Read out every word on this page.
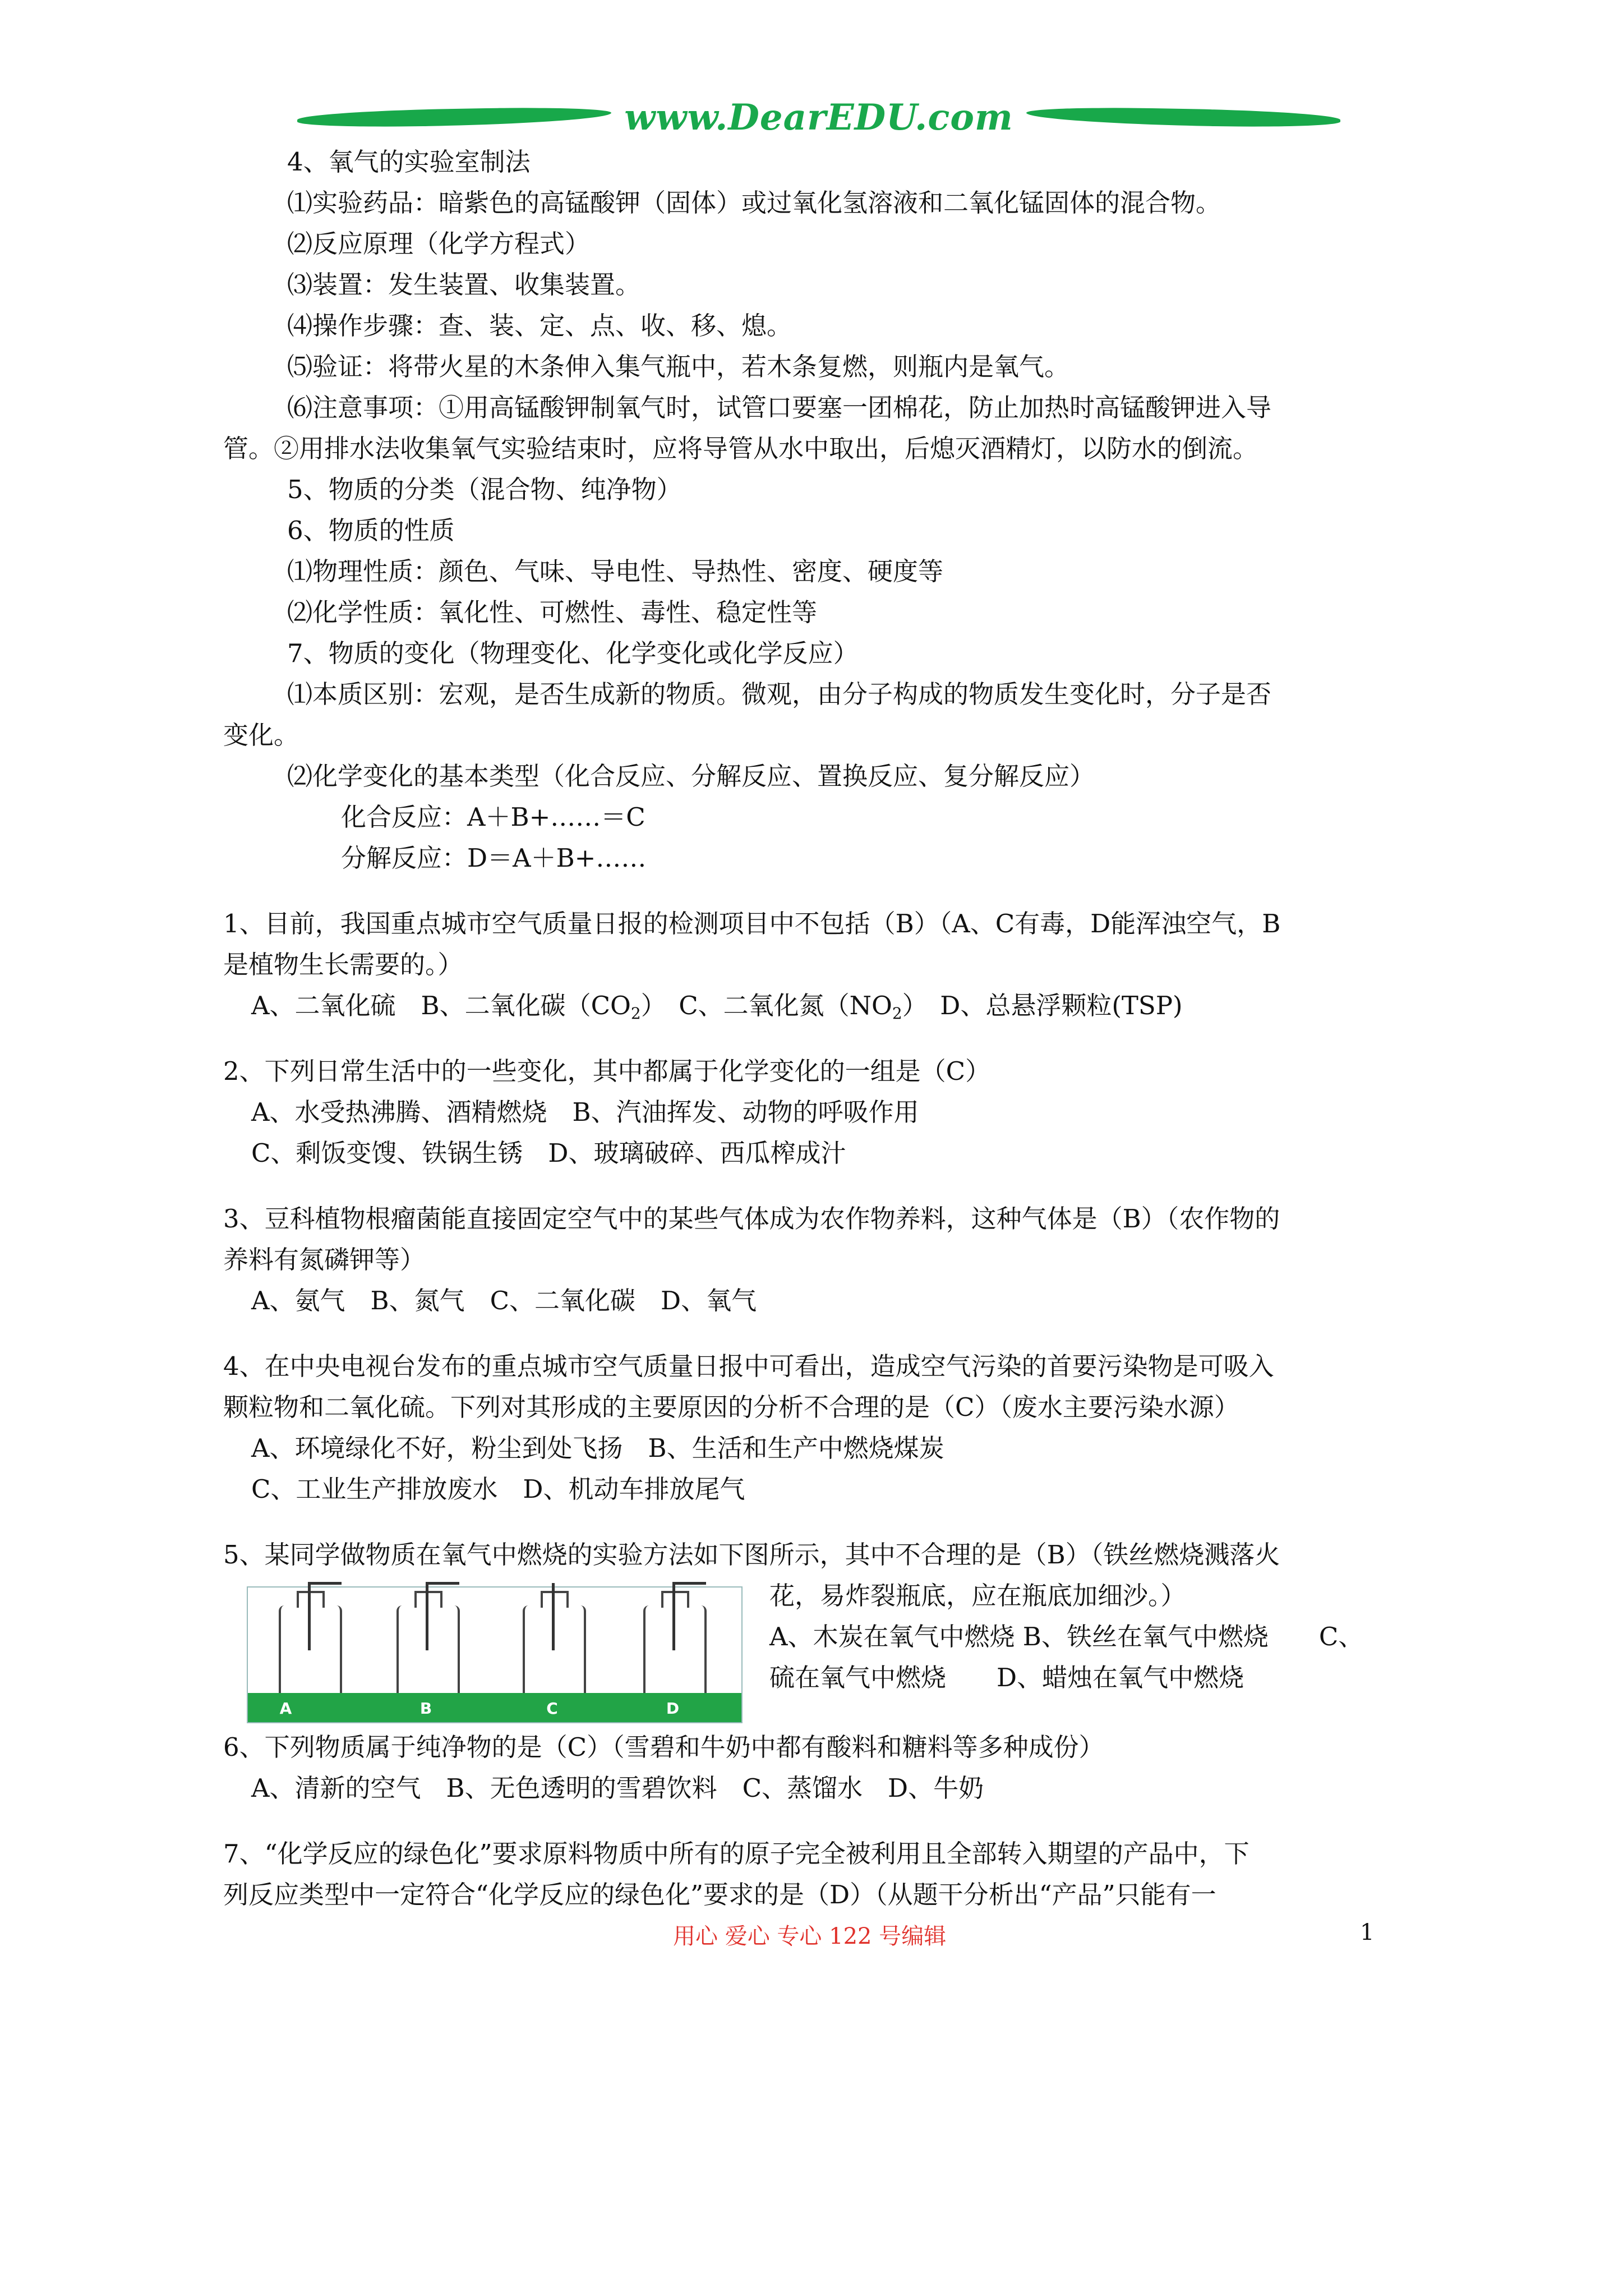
www.DearEDU.com
4、氧气的实验室制法
⑴实验药品：暗紫色的高锰酸钾（固体）或过氧化氢溶液和二氧化锰固体的混合物。
⑵反应原理（化学方程式）
⑶装置：发生装置、收集装置。
⑷操作步骤：查、装、定、点、收、移、熄。
⑸验证：将带火星的木条伸入集气瓶中，若木条复燃，则瓶内是氧气。
⑹注意事项：①用高锰酸钾制氧气时，试管口要塞一团棉花，防止加热时高锰酸钾进入导
管。②用排水法收集氧气实验结束时，应将导管从水中取出，后熄灭酒精灯，以防水的倒流。
5、物质的分类（混合物、纯净物）
6、物质的性质
⑴物理性质：颜色、气味、导电性、导热性、密度、硬度等
⑵化学性质：氧化性、可燃性、毒性、稳定性等
7、物质的变化（物理变化、化学变化或化学反应）
⑴本质区别：宏观，是否生成新的物质。微观，由分子构成的物质发生变化时，分子是否
变化。
⑵化学变化的基本类型（化合反应、分解反应、置换反应、复分解反应）
化合反应：A＋B+……＝C
分解反应：D＝A＋B+……
1、目前，我国重点城市空气质量日报的检测项目中不包括（B）（A、C有毒，D能浑浊空气，B
是植物生长需要的。）
A、二氧化硫　B、二氧化碳$(CO_2)$　C、二氧化氮$(NO_2)$　D、总悬浮颗粒(TSP)
2、下列日常生活中的一些变化，其中都属于化学变化的一组是（C）
A、水受热沸腾、酒精燃烧　B、汽油挥发、动物的呼吸作用
C、剩饭变馊、铁锅生锈　D、玻璃破碎、西瓜榨成汁
3、豆科植物根瘤菌能直接固定空气中的某些气体成为农作物养料，这种气体是（B）（农作物的
养料有氮磷钾等）
A、氨气　B、氮气　C、二氧化碳　D、氧气
4、在中央电视台发布的重点城市空气质量日报中可看出，造成空气污染的首要污染物是可吸入
颗粒物和二氧化硫。下列对其形成的主要原因的分析不合理的是（C）（废水主要污染水源）
A、环境绿化不好，粉尘到处飞扬　B、生活和生产中燃烧煤炭
C、工业生产排放废水　D、机动车排放尾气
5、某同学做物质在氧气中燃烧的实验方法如下图所示，其中不合理的是（B）（铁丝燃烧溅落火
花，易炸裂瓶底，应在瓶底加细沙。）
A、木炭在氧气中燃烧 B、铁丝在氧气中燃烧　　C、
硫在氧气中燃烧　　D、蜡烛在氧气中燃烧
A	B	C	D
6、下列物质属于纯净物的是（C）（雪碧和牛奶中都有酸料和糖料等多种成份）
A、清新的空气　B、无色透明的雪碧饮料　C、蒸馏水　D、牛奶
7、“化学反应的绿色化”要求原料物质中所有的原子完全被利用且全部转入期望的产品中，下
列反应类型中一定符合“化学反应的绿色化”要求的是（D）（从题干分析出“产品”只能有一
用心 爱心 专心 122 号编辑	1
